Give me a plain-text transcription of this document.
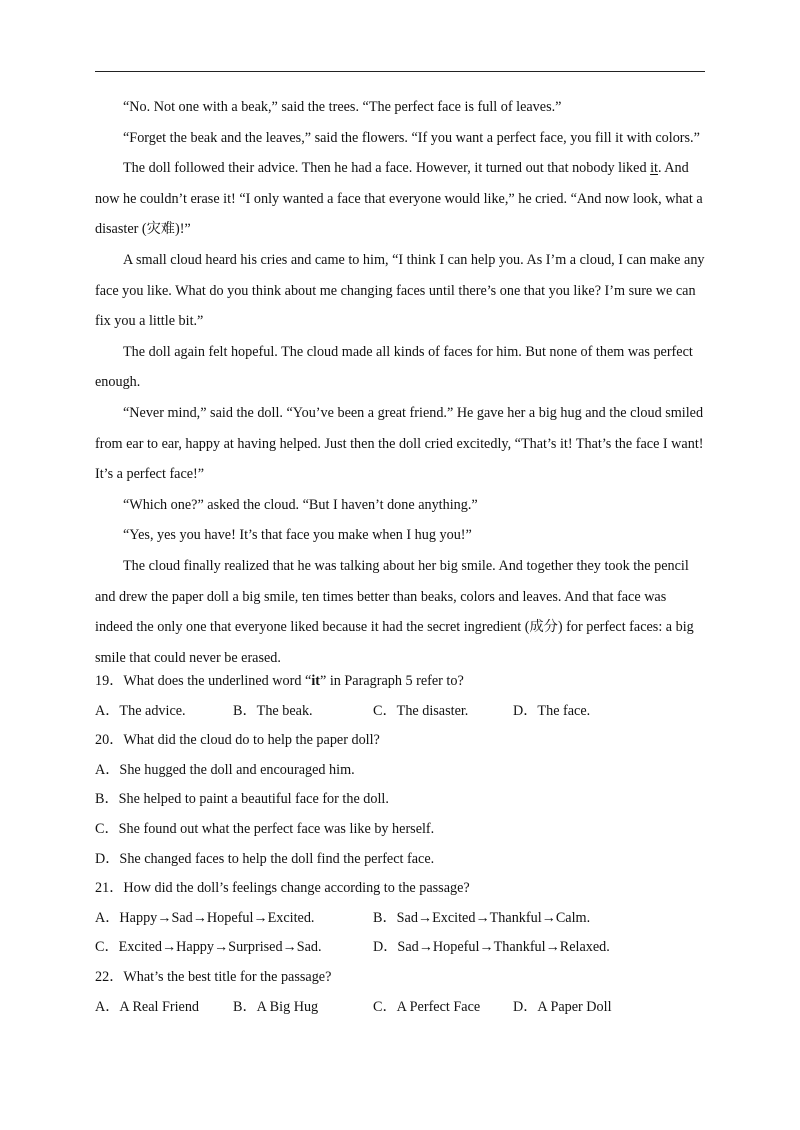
“No. Not one with a beak,” said the trees. “The perfect face is full of leaves.”

“Forget the beak and the leaves,” said the flowers. “If you want a perfect face, you fill it with colors.”

The doll followed their advice. Then he had a face. However, it turned out that nobody liked it. And now he couldn’t erase it! “I only wanted a face that everyone would like,” he cried. “And now look, what a disaster (灾难)!”

A small cloud heard his cries and came to him, “I think I can help you. As I’m a cloud, I can make any face you like. What do you think about me changing faces until there’s one that you like? I’m sure we can fix you a little bit.”

The doll again felt hopeful. The cloud made all kinds of faces for him. But none of them was perfect enough.

“Never mind,” said the doll. “You’ve been a great friend.” He gave her a big hug and the cloud smiled from ear to ear, happy at having helped. Just then the doll cried excitedly, “That’s it! That’s the face I want! It’s a perfect face!”

“Which one?” asked the cloud. “But I haven’t done anything.”

“Yes, yes you have! It’s that face you make when I hug you!”

The cloud finally realized that he was talking about her big smile. And together they took the pencil and drew the paper doll a big smile, ten times better than beaks, colors and leaves. And that face was indeed the only one that everyone liked because it had the secret ingredient (成分) for perfect faces: a big smile that could never be erased.

19．What does the underlined word “it” in Paragraph 5 refer to?

A．The advice.	B．The beak.	C．The disaster.	D．The face.

20．What did the cloud do to help the paper doll?

A．She hugged the doll and encouraged him.

B．She helped to paint a beautiful face for the doll.

C．She found out what the perfect face was like by herself.

D．She changed faces to help the doll find the perfect face.

21．How did the doll’s feelings change according to the passage?

A．Happy→Sad→Hopeful→Excited.	B．Sad→Excited→Thankful→Calm.
C．Excited→Happy→Surprised→Sad.	D．Sad→Hopeful→Thankful→Relaxed.

22．What’s the best title for the passage?

A．A Real Friend	B．A Big Hug	C．A Perfect Face	D．A Paper Doll
